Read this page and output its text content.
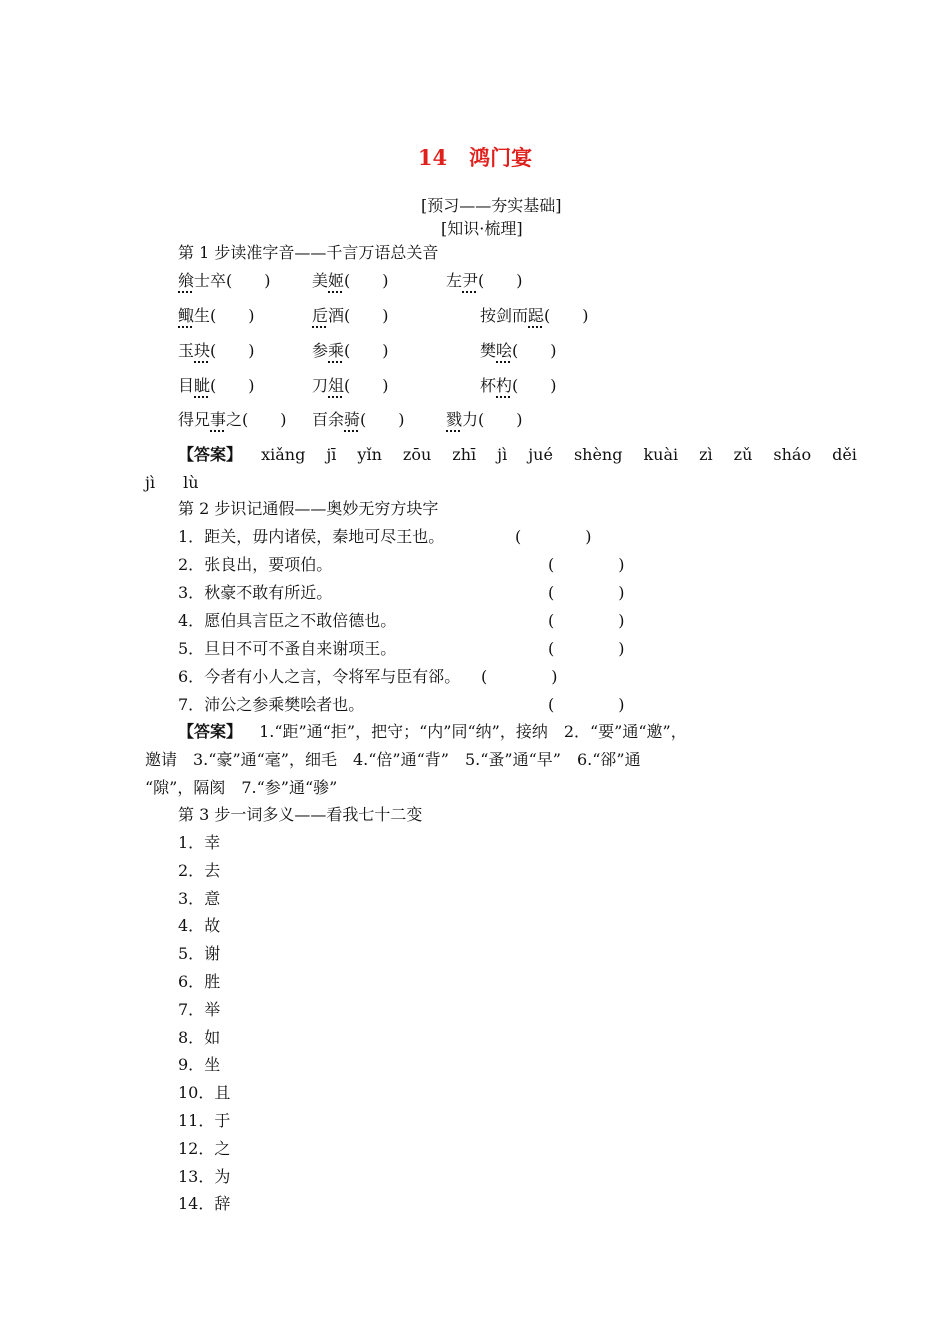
14 鸿门宴
[预习——夯实基础]
[知识·梳理]
第 1 步读准字音——千言万语总关音
飨士卒(　　)	美姬(　　)	左尹(　　)
鲰生(　　)	卮酒(　　)	按剑而跽(　　)
玉玦(　　)	参乘(　　)	樊哙(　　)
目眦(　　)	刀俎(　　)	杯杓(　　)
得兄事之(　　) 百余骑(　　)	戮力(　　)
【答案】 xiǎng jī yǐn zōu zhī jì jué shèng kuài zì zǔ sháo děi
jì lù
第 2 步识记通假——奥妙无穷方块字
1．距关，毋内诸侯，秦地可尽王也。	(　　　　)
2．张良出，要项伯。	(　　　　)
3．秋豪不敢有所近。	(　　　　)
4．愿伯具言臣之不敢倍德也。	(　　　　)
5．旦日不可不蚤自来谢项王。	(　　　　)
6．今者有小人之言，令将军与臣有郤。 (　　　　)
7．沛公之参乘樊哙者也。	(　　　　)
【答案】 1.“距”通“拒”，把守；“内”同“纳”，接纳　2．“要”通“邀”，
邀请　3.“豪”通“毫”，细毛　4.“倍”通“背”　5.“蚤”通“早”　6.“郤”通
“隙”，隔阂　7.“参”通“骖”
第 3 步一词多义——看我七十二变
1．幸
2．去
3．意
4．故
5．谢
6．胜
7．举
8．如
9．坐
10．且
11．于
12．之
13．为
14．辞
